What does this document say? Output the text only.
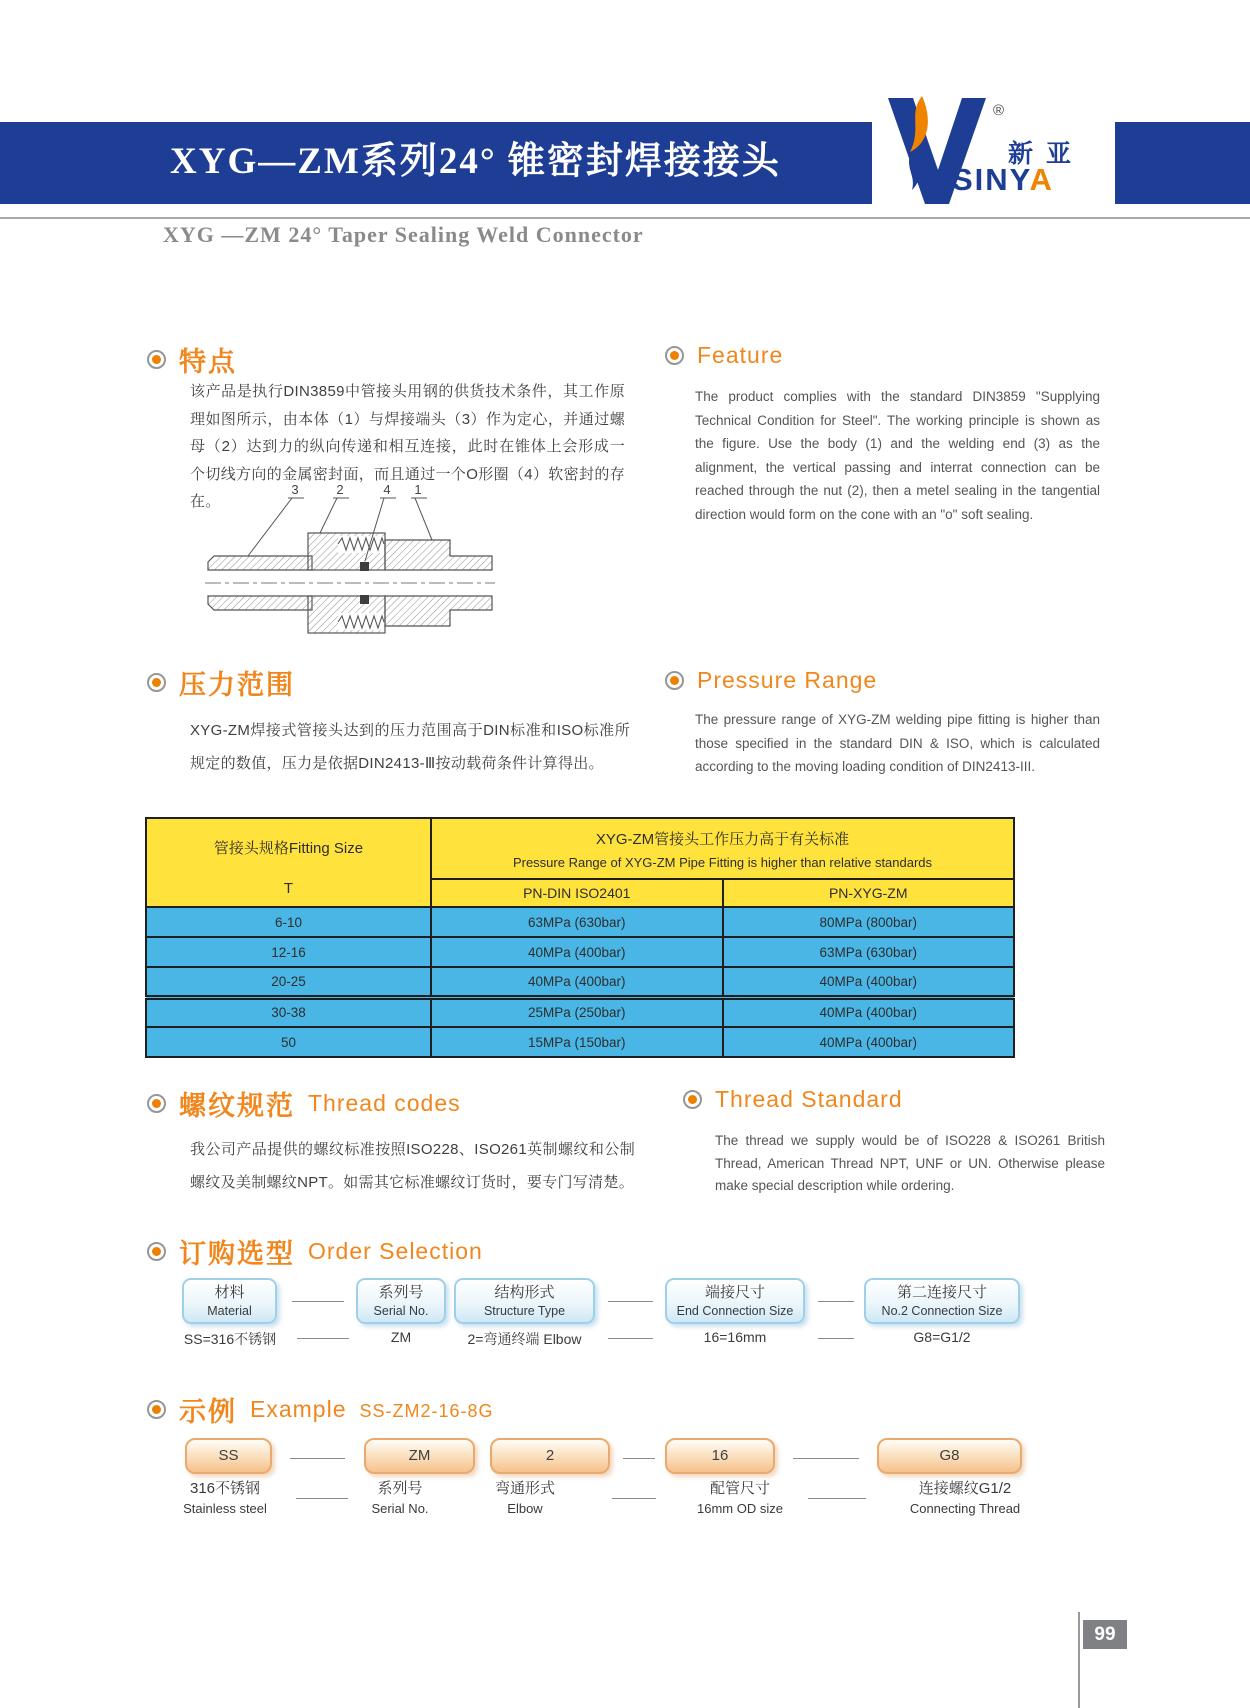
XYG—ZM系列24° 锥密封焊接接头
®
新亚
SINYA
XYG —ZM 24° Taper Sealing Weld Connector
特点	Feature
该产品是执行DIN3859中管接头用钢的供货技术条件，其工作原理如图所示，由本体（1）与焊接端头（3）作为定心，并通过螺母（2）达到力的纵向传递和相互连接，此时在锥体上会形成一个切线方向的金属密封面，而且通过一个O形圈（4）软密封的存在。
The product complies with the standard DIN3859 "Supplying Technical Condition for Steel". The working principle is shown as the figure. Use the body (1) and the welding end (3) as the alignment, the vertical passing and interrat connection can be reached through the nut (2), then a metel sealing in the tangential direction would form on the cone with an "o" soft sealing.
3	2	4 1
压力范围	Pressure Range
XYG-ZM焊接式管接头达到的压力范围高于DIN标准和ISO标准所规定的数值，压力是依据DIN2413-Ⅲ按动载荷条件计算得出。
The pressure range of XYG-ZM welding pipe fitting is higher than those specified in the standard DIN & ISO, which is calculated according to the moving loading condition of DIN2413-III.
管接头规格Fitting Size
T

XYG-ZM管接头工作压力高于有关标准
Pressure Range of XYG-ZM Pipe Fitting is higher than relative standards

	PN-DIN ISO2401	PN-XYG-ZM
6-10	63MPa (630bar)	80MPa (800bar)
12-16	40MPa (400bar)	63MPa (630bar)
20-25	40MPa (400bar)	40MPa (400bar)
30-38	25MPa (250bar)	40MPa (400bar)
50	15MPa (150bar)	40MPa (400bar)
螺纹规范 Thread codes	Thread Standard
我公司产品提供的螺纹标准按照ISO228、ISO261英制螺纹和公制螺纹及美制螺纹NPT。如需其它标准螺纹订货时，要专门写清楚。
The thread we supply would be of ISO228 & ISO261 British Thread, American Thread NPT, UNF or UN. Otherwise please make special description while ordering.
订购选型 Order Selection
材料
Material
系列号
Serial No.
结构形式
Structure Type
端接尺寸
End Connection Size
第二连接尺寸
No.2 Connection Size
SS=316不锈钢	ZM	2=弯通终端 Elbow	16=16mm	G8=G1/2
示例 Example SS-ZM2-16-8G
SS	ZM	2	16	G8
316不锈钢
Stainless steel
系列号
Serial No.
弯通形式
Elbow
配管尺寸
16mm OD size
连接螺纹G1/2
Connecting Thread
99
